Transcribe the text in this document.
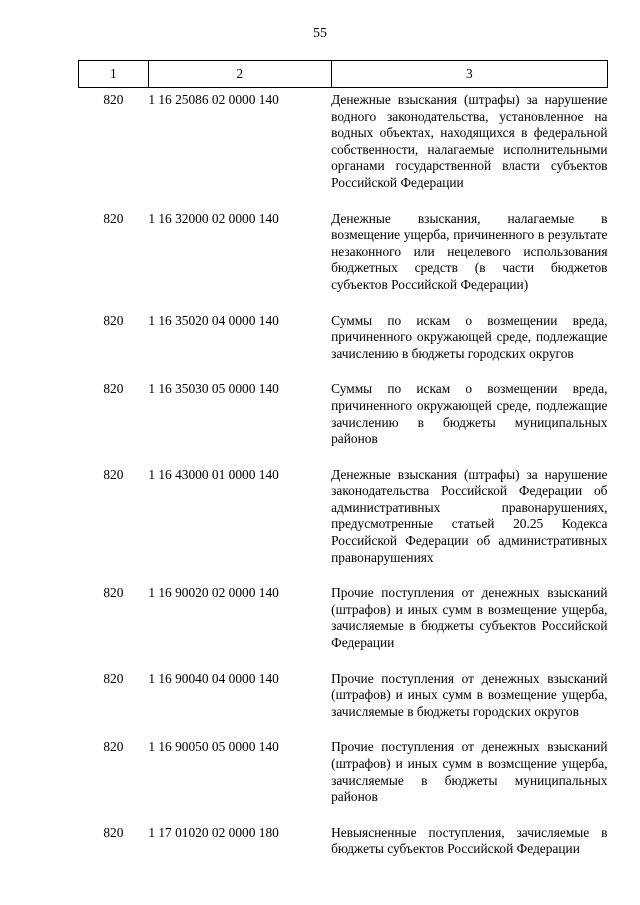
55
1	2	3
820	1 16 25086 02 0000 140	Денежные взыскания (штрафы) за нарушение водного законодательства, установленное на водных объектах, находящихся в федеральной собственности, налагаемые исполнительными органами государственной власти субъектов Российской Федерации
820	1 16 32000 02 0000 140	Денежные взыскания, налагаемые в возмещение ущерба, причиненного в результате незаконного или нецелевого использования бюджетных средств (в части бюджетов субъектов Российской Федерации)
820	1 16 35020 04 0000 140	Суммы по искам о возмещении вреда, причиненного окружающей среде, подлежащие зачислению в бюджеты городских округов
820	1 16 35030 05 0000 140	Суммы по искам о возмещении вреда, причиненного окружающей среде, подлежащие зачислению в бюджеты муниципальных районов
820	1 16 43000 01 0000 140	Денежные взыскания (штрафы) за нарушение законодательства Российской Федерации об административных правонарушениях, предусмотренные статьей 20.25 Кодекса Российской Федерации об административных правонарушениях
820	1 16 90020 02 0000 140	Прочие поступления от денежных взысканий (штрафов) и иных сумм в возмещение ущерба, зачисляемые в бюджеты субъектов Российской Федерации
820	1 16 90040 04 0000 140	Прочие поступления от денежных взысканий (штрафов) и иных сумм в возмещение ущерба, зачисляемые в бюджеты городских округов
820	1 16 90050 05 0000 140	Прочие поступления от денежных взысканий (штрафов) и иных сумм в возмсщение ущерба, зачисляемые в бюджеты муниципальных районов
820	1 17 01020 02 0000 180	Невыясненные поступления, зачисляемые в бюджеты субъектов Российской Федерации
